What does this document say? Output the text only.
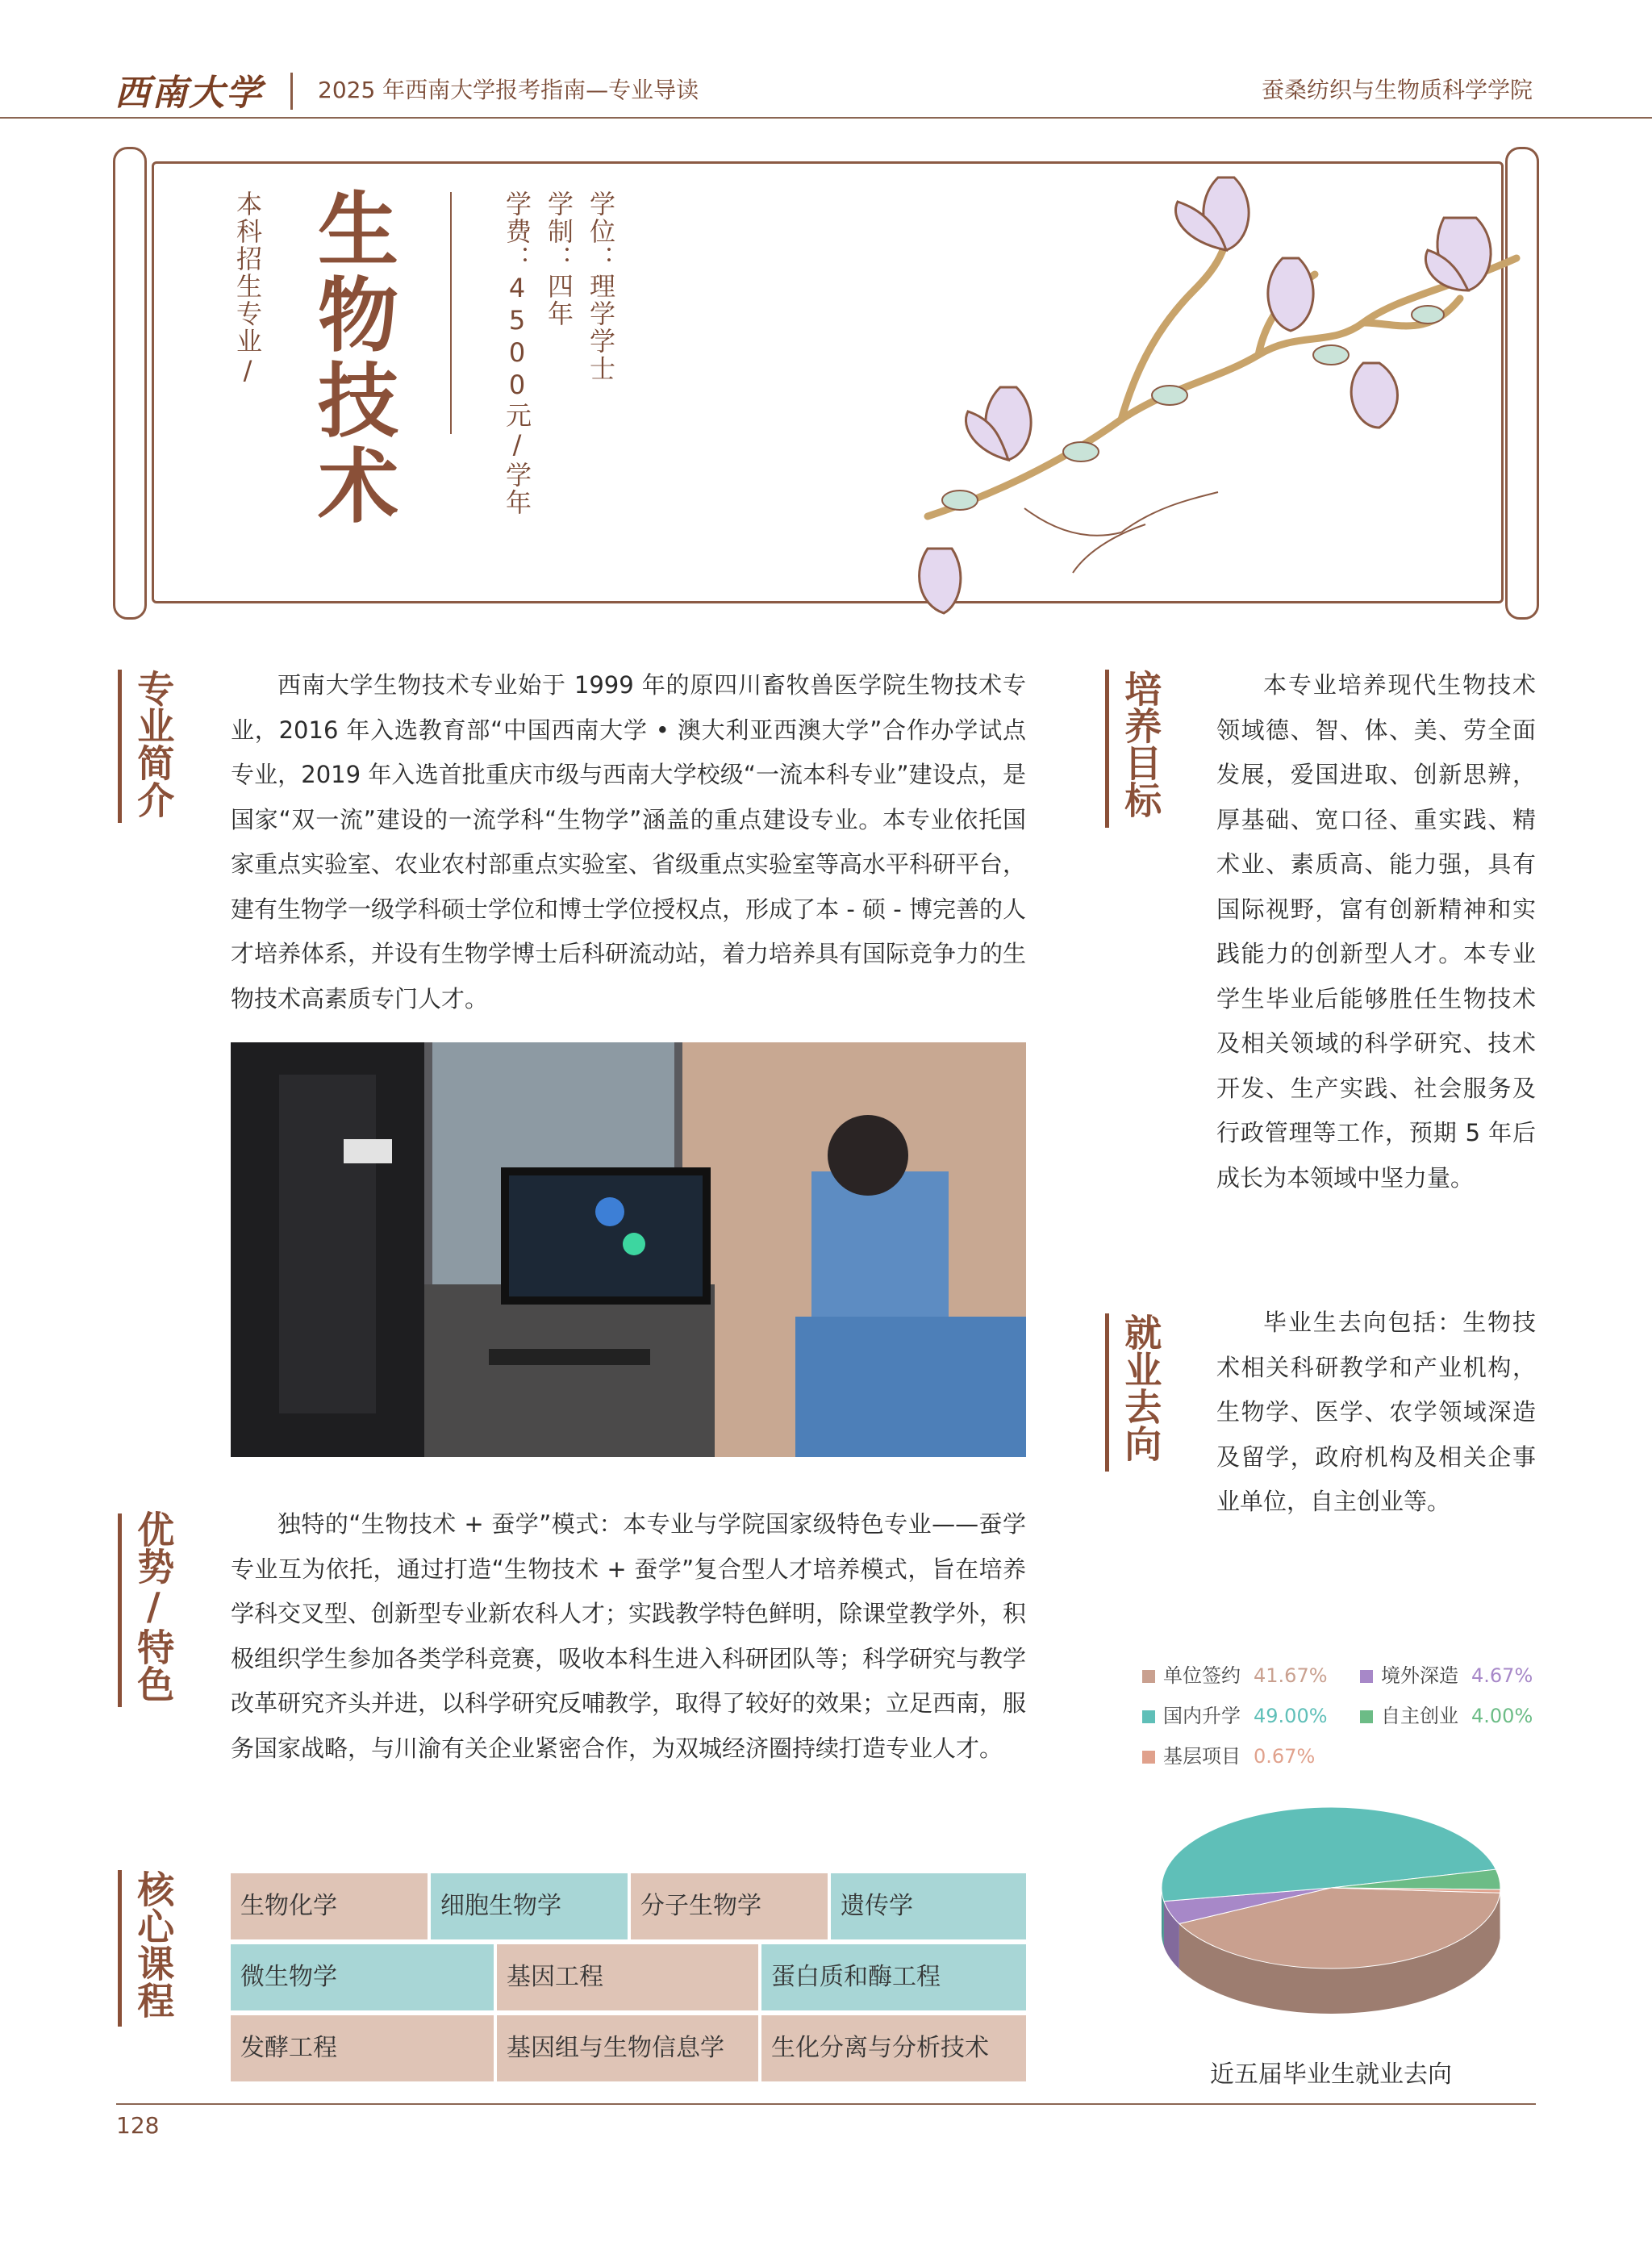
西南大学 2025 年西南大学报考指南—专业导读	蚕桑纺织与生物质科学学院
本科招生专业/ 生物技术	学费：4500元/学年 学制：四年 学位：理学学士
专业简介	西南大学生物技术专业始于 1999 年的原四川畜牧兽医学院生物技术专业，2016 年入选教育部“中国西南大学 • 澳大利亚西澳大学”合作办学试点专业，2019 年入选首批重庆市级与西南大学校级“一流本科专业”建设点，是国家“双一流”建设的一流学科“生物学”涵盖的重点建设专业。本专业依托国家重点实验室、农业农村部重点实验室、省级重点实验室等高水平科研平台，建有生物学一级学科硕士学位和博士学位授权点，形成了本 - 硕 - 博完善的人才培养体系，并设有生物学博士后科研流动站，着力培养具有国际竞争力的生物技术高素质专门人才。
培养目标	本专业培养现代生物技术领域德、智、体、美、劳全面发展，爱国进取、创新思辨，厚基础、宽口径、重实践、精术业、素质高、能力强，具有国际视野，富有创新精神和实践能力的创新型人才。本专业学生毕业后能够胜任生物技术及相关领域的科学研究、技术开发、生产实践、社会服务及行政管理等工作，预期 5 年后成长为本领域中坚力量。
就业去向	毕业生去向包括：生物技术相关科研教学和产业机构，生物学、医学、农学领域深造及留学，政府机构及相关企事业单位，自主创业等。
优势/特色	独特的“生物技术 + 蚕学”模式：本专业与学院国家级特色专业——蚕学专业互为依托，通过打造“生物技术 + 蚕学”复合型人才培养模式，旨在培养学科交叉型、创新型专业新农科人才；实践教学特色鲜明，除课堂教学外，积极组织学生参加各类学科竞赛，吸收本科生进入科研团队等；科学研究与教学改革研究齐头并进，以科学研究反哺教学，取得了较好的效果；立足西南，服务国家战略，与川渝有关企业紧密合作，为双城经济圈持续打造专业人才。
核心课程	生物化学	细胞生物学	分子生物学	遗传学
微生物学	基因工程	蛋白质和酶工程
发酵工程	基因组与生物信息学	生化分离与分析技术
单位签约 41.67%	境外深造 4.67%
国内升学 49.00%	自主创业 4.00%
基层项目 0.67%
近五届毕业生就业去向
128
